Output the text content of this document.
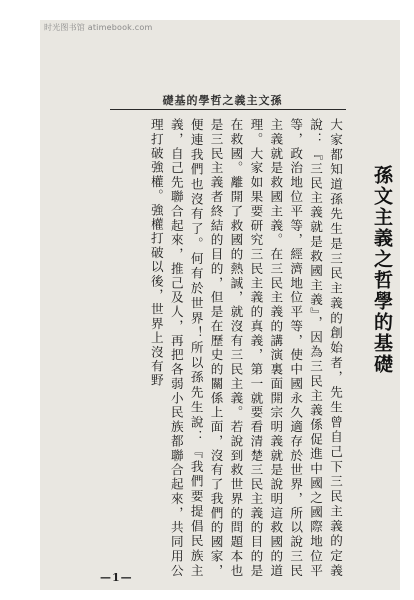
时光图书馆 atimebook.com
孫文主義之哲學的基礎
孫文主義之哲學的基礎

大家都知道孫先生是三民主義的創始者，先生曾自己下三民主義的定義說：『三民主義就是救國主義』，因為三民主義係促進中國之國際地位平等，政治地位平等，經濟地位平等，使中國永久適存於世界，所以說三民主義就是救國主義。在三民主義的講演裏面開宗明義就是說明這救國的道理。大家如果要研究三民主義的真義，第一就要看清楚三民主義的目的是在救國。離開了救國的熱誠，就沒有三民主義。若說到救世界的問題本也是三民主義者終結的目的，但是在歷史的關係上面，沒有了我們的國家，便連我們也沒有了。何有於世界！所以孫先生說：『我們要提倡民族主義，自己先聯合起來，推己及人，再把各弱小民族都聯合起來，共同用公理打破強權。強權打破以後，世界上沒有野

—1—
